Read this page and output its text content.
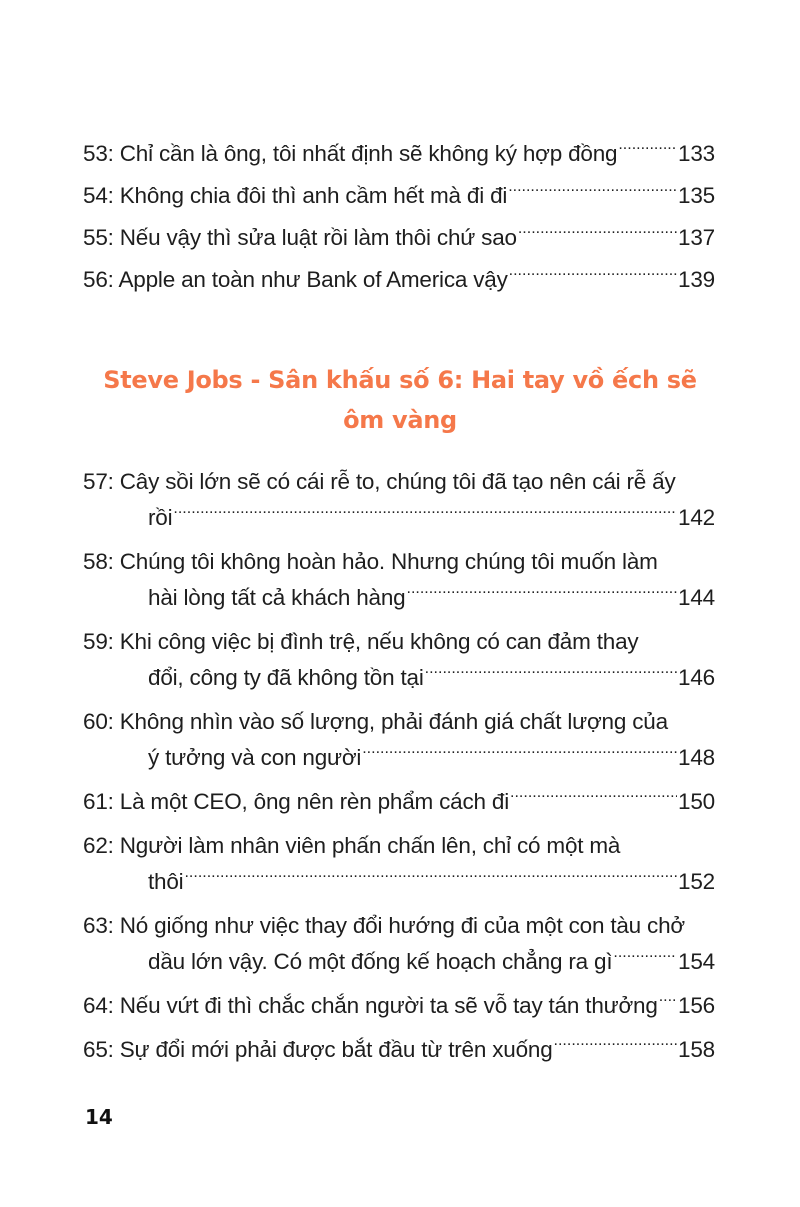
53: Chỉ cần là ông, tôi nhất định sẽ không ký hợp đồng .....	133
54: Không chia đôi thì anh cầm hết mà đi đi .....	135
55: Nếu vậy thì sửa luật rồi làm thôi chứ sao .....	137
56: Apple an toàn như Bank of America vậy .....	139
Steve Jobs - Sân khấu số 6: Hai tay vồ ếch sẽ
ôm vàng
57: Cây sồi lớn sẽ có cái rễ to, chúng tôi đã tạo nên cái rễ ấy
rồi .....	142
58: Chúng tôi không hoàn hảo. Nhưng chúng tôi muốn làm
hài lòng tất cả khách hàng .....	144
59: Khi công việc bị đình trệ, nếu không có can đảm thay
đổi, công ty đã không tồn tại .....	146
60: Không nhìn vào số lượng, phải đánh giá chất lượng của
ý tưởng và con người .....	148
61: Là một CEO, ông nên rèn phẩm cách đi .....	150
62: Người làm nhân viên phấn chấn lên, chỉ có một mà
thôi .....	152
63: Nó giống như việc thay đổi hướng đi của một con tàu chở
dầu lớn vậy. Có một đống kế hoạch chẳng ra gì .....	154
64: Nếu vứt đi thì chắc chắn người ta sẽ vỗ tay tán thưởng ..... 156
65: Sự đổi mới phải được bắt đầu từ trên xuống .....	158
14
